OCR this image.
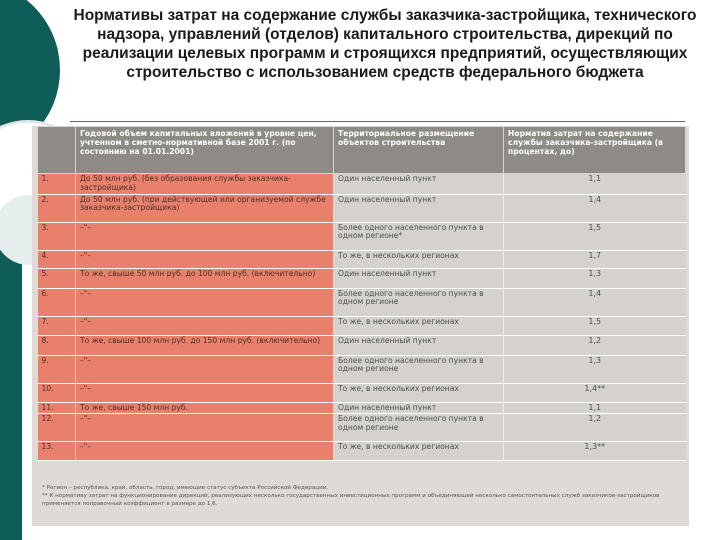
Нормативы затрат на содержание службы заказчика-застройщика, технического надзора, управлений (отделов) капитального строительства, дирекций по реализации целевых программ и строящихся предприятий, осуществляющих строительство с использованием средств федерального бюджета
	Годовой объем капитальных вложений в уровне цен, учтенном в сметно-нормативной базе 2001 г. (по состоянию на 01.01.2001)	Территориальное размещение объектов строительства	Норматив затрат на содержание службы заказчика-застройщика (в процентах, до)
1.	До 50 млн руб. (без образования службы заказчика-застройщика)	Один населенный пункт	1,1
2.	До 50 млн руб. (при действующей или организуемой службе заказчика-застройщика)	Один населенный пункт	1,4
3.	–"–	Более одного населенного пункта в одном регионе*	1,5
4.	–"–	То же, в нескольких регионах	1,7
5.	То же, свыше 50 млн руб. до 100 млн руб. (включительно)	Один населенный пункт	1,3
6.	–"–	Более одного населенного пункта в одном регионе	1,4
7.	–"–	То же, в нескольких регионах	1,5
8.	То же, свыше 100 млн руб. до 150 млн руб. (включительно)	Один населенный пункт	1,2
9.	–"–	Более одного населенного пункта в одном регионе	1,3
10.	–"–	То же, в нескольких регионах	1,4**
11.	То же, свыше 150 млн руб.	Один населенный пункт	1,1
12.	–"–	Более одного населенного пункта в одном регионе	1,2
13.	–"–	То же, в нескольких регионах	1,3**

* Регион – республика, край, область, город, имеющие статус субъекта Российской Федерации.

** К нормативу затрат на функционирование дирекций, реализующих несколько государственных инвестиционных программ и объединяющей несколько самостоятельных служб заказчиков-застройщиков применяется поправочный коэффициент в размере до 1,6.
